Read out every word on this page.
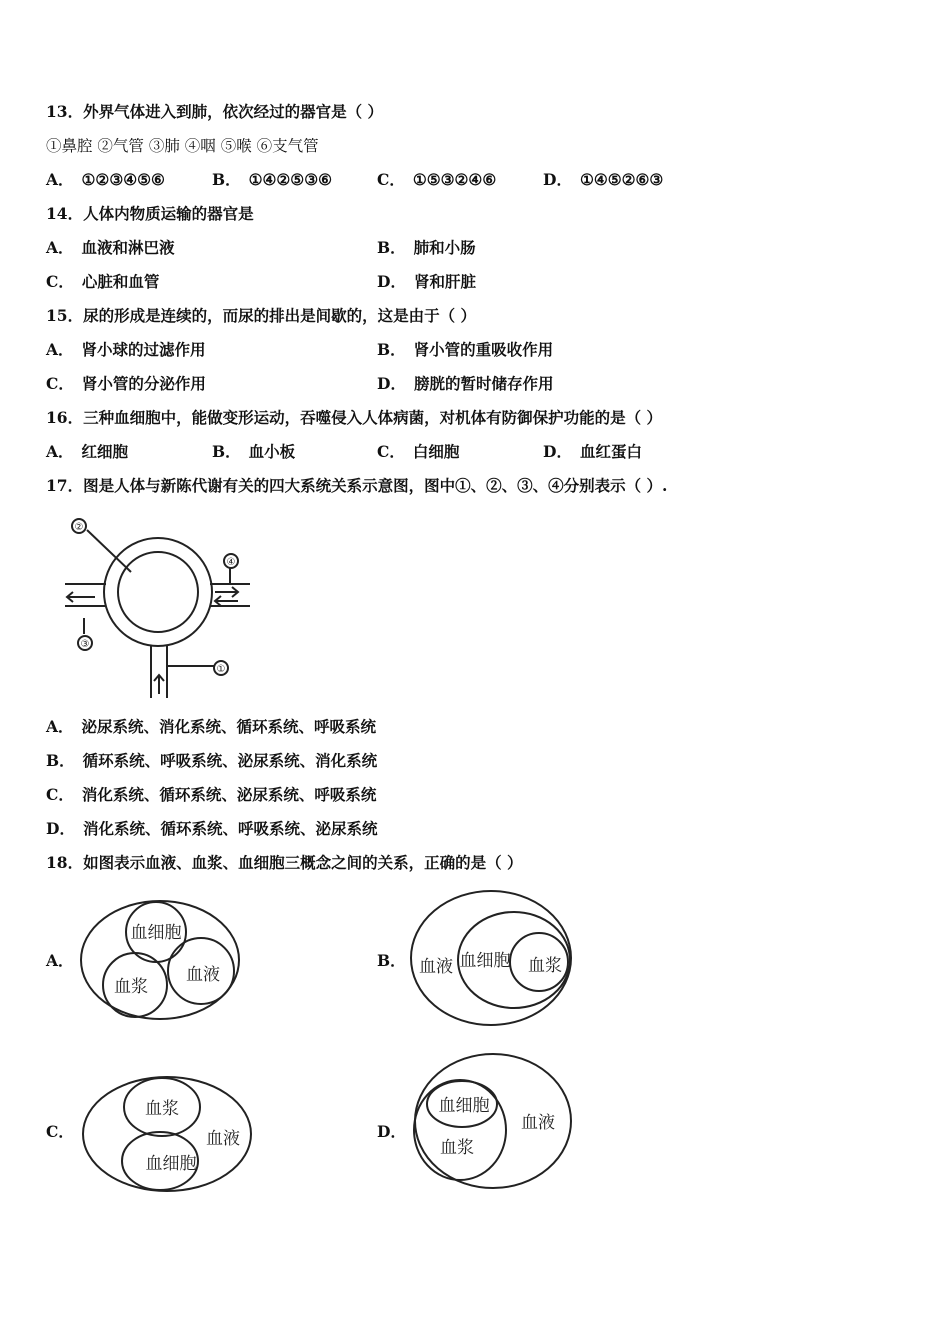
13．外界气体进入到肺，依次经过的器官是（ ）
①鼻腔 ②气管 ③肺 ④咽 ⑤喉 ⑥支气管
A． ①②③④⑤⑥	B． ①④②⑤③⑥	C． ①⑤③②④⑥	D． ①④⑤②⑥③
14．人体内物质运输的器官是
A． 血液和淋巴液	B． 肺和小肠
C． 心脏和血管	D． 肾和肝脏
15．尿的形成是连续的，而尿的排出是间歇的，这是由于（ ）
A． 肾小球的过滤作用	B． 肾小管的重吸收作用
C． 肾小管的分泌作用	D． 膀胱的暂时储存作用
16．三种血细胞中，能做变形运动，吞噬侵入人体病菌，对机体有防御保护功能的是（ ）
A． 红细胞	B． 血小板	C． 白细胞	D． 血红蛋白
17．图是人体与新陈代谢有关的四大系统关系示意图，图中①、②、③、④分别表示（ ）.
②
④
③
①
A． 泌尿系统、消化系统、循环系统、呼吸系统
B． 循环系统、呼吸系统、泌尿系统、消化系统
C． 消化系统、循环系统、泌尿系统、呼吸系统
D． 消化系统、循环系统、呼吸系统、泌尿系统
18．如图表示血液、血浆、血细胞三概念之间的关系，正确的是（ ）
A．
血细胞
血浆
血液
B． 血液 血细胞 血浆
C．
血浆
血细胞
血液	D．
血细胞
血浆
血液
